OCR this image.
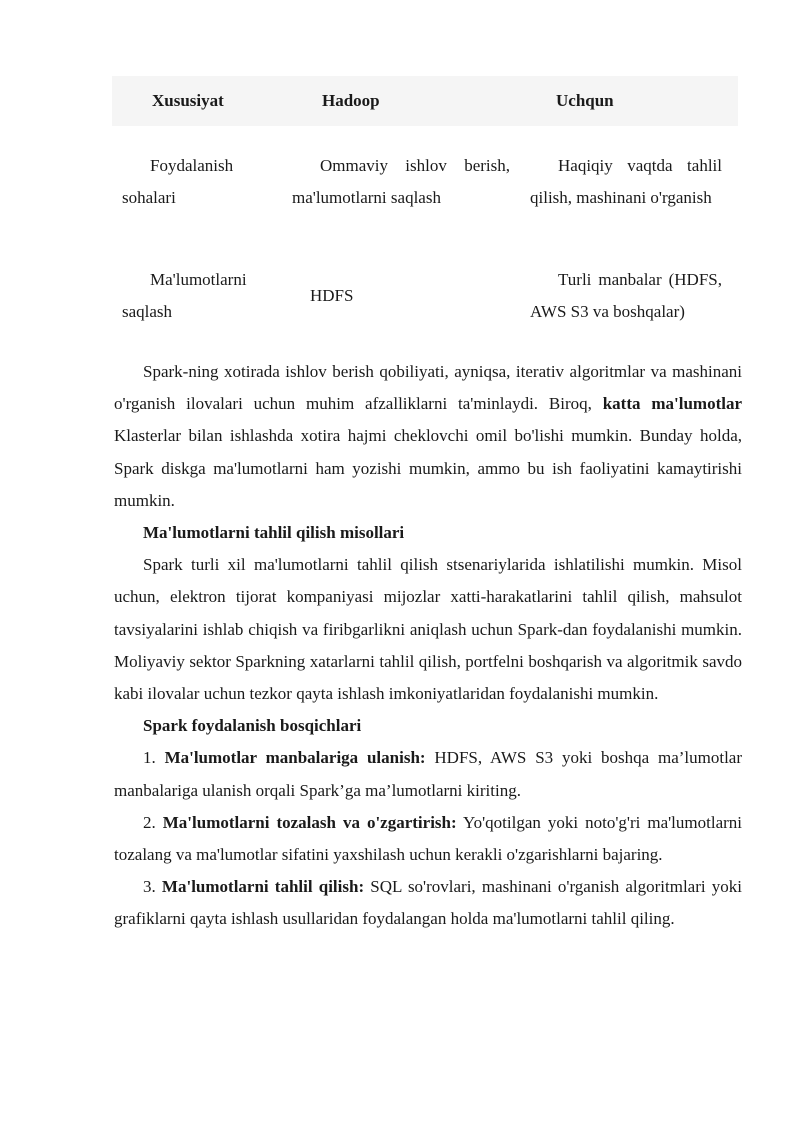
Xususiyat	Hadoop	Uchqun
Foydalanish sohalari	Ommaviy ishlov berish, ma'lumotlarni saqlash	Haqiqiy vaqtda tahlil qilish, mashinani o'rganish
Ma'lumotlarni saqlash	HDFS	Turli manbalar (HDFS, AWS S3 va boshqalar)

Spark-ning xotirada ishlov berish qobiliyati, ayniqsa, iterativ algoritmlar va mashinani o'rganish ilovalari uchun muhim afzalliklarni ta'minlaydi. Biroq, katta ma'lumotlar Klasterlar bilan ishlashda xotira hajmi cheklovchi omil bo'lishi mumkin. Bunday holda, Spark diskga ma'lumotlarni ham yozishi mumkin, ammo bu ish faoliyatini kamaytirishi mumkin.

Ma'lumotlarni tahlil qilish misollari

Spark turli xil ma'lumotlarni tahlil qilish stsenariylarida ishlatilishi mumkin. Misol uchun, elektron tijorat kompaniyasi mijozlar xatti-harakatlarini tahlil qilish, mahsulot tavsiyalarini ishlab chiqish va firibgarlikni aniqlash uchun Spark-dan foydalanishi mumkin. Moliyaviy sektor Sparkning xatarlarni tahlil qilish, portfelni boshqarish va algoritmik savdo kabi ilovalar uchun tezkor qayta ishlash imkoniyatlaridan foydalanishi mumkin.

Spark foydalanish bosqichlari

1. Ma'lumotlar manbalariga ulanish: HDFS, AWS S3 yoki boshqa ma’lumotlar manbalariga ulanish orqali Spark’ga ma’lumotlarni kiriting.

2. Ma'lumotlarni tozalash va o'zgartirish: Yo'qotilgan yoki noto'g'ri ma'lumotlarni tozalang va ma'lumotlar sifatini yaxshilash uchun kerakli o'zgarishlarni bajaring.

3. Ma'lumotlarni tahlil qilish: SQL so'rovlari, mashinani o'rganish algoritmlari yoki grafiklarni qayta ishlash usullaridan foydalangan holda ma'lumotlarni tahlil qiling.
